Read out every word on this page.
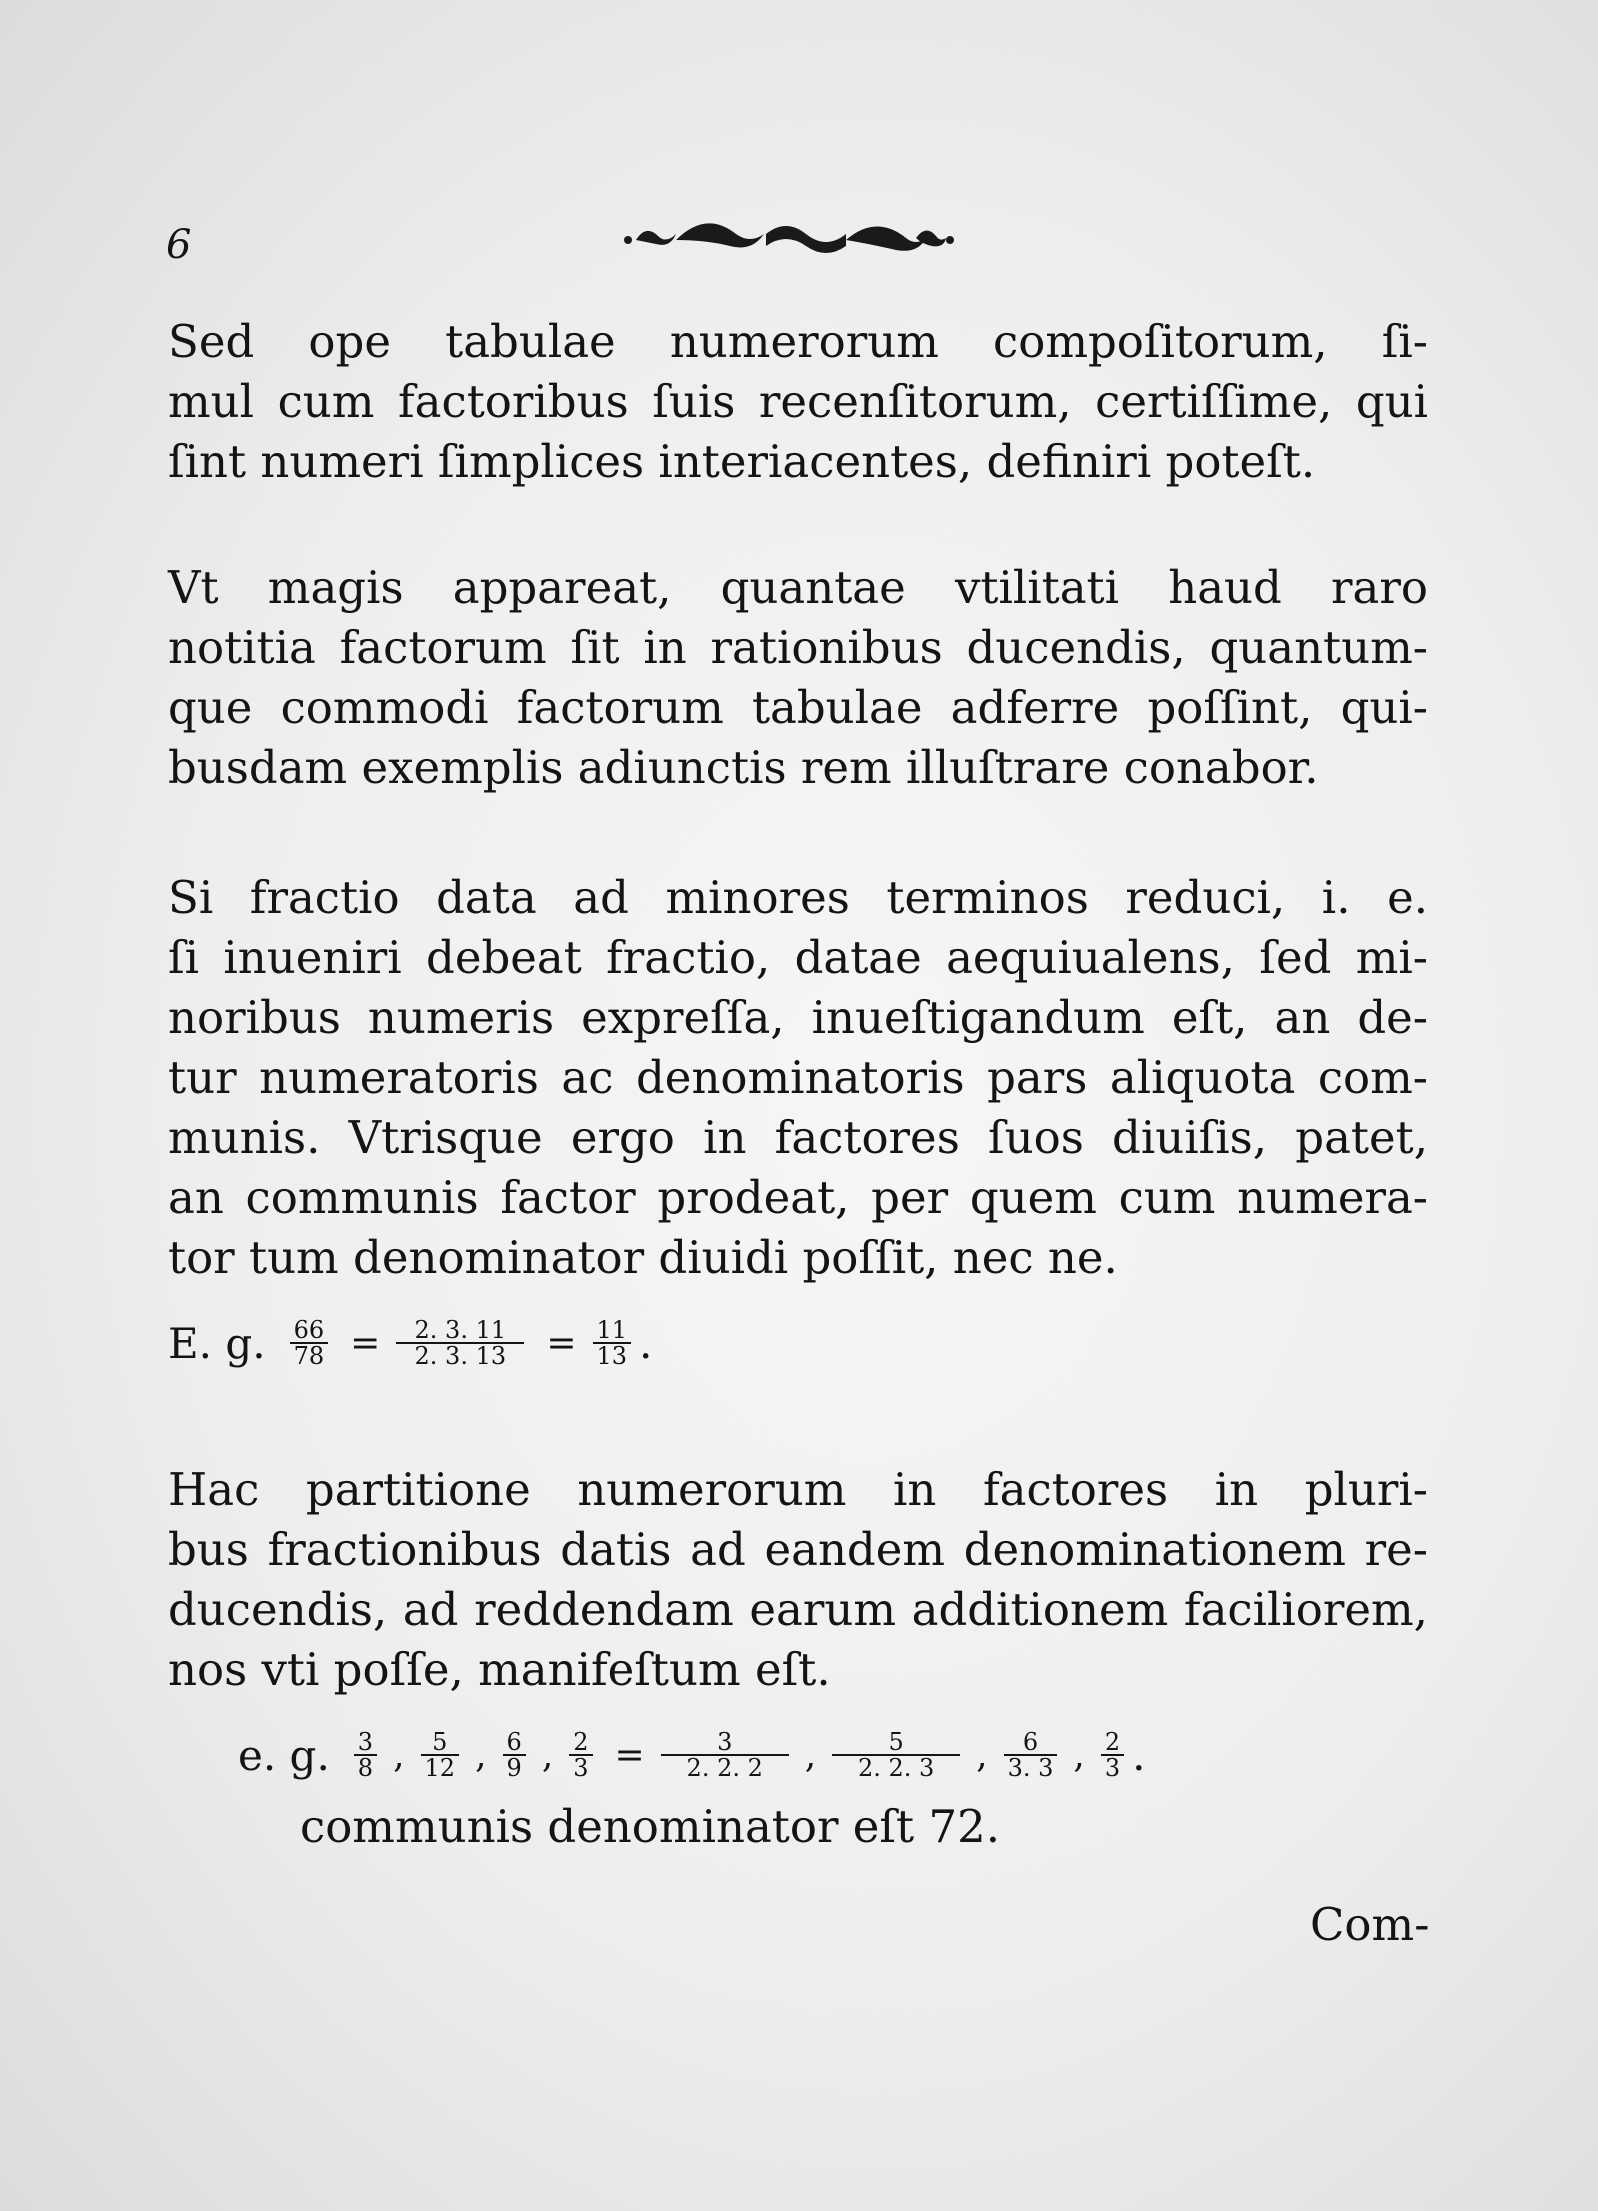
6

Sed ope tabulae numerorum compoſitorum, ſi-
mul cum factoribus ſuis recenſitorum, certiſſime, qui
ſint numeri ſimplices interiacentes, definiri poteſt.

Vt magis appareat, quantae vtilitati haud raro
notitia factorum ſit in rationibus ducendis, quantum-
que commodi factorum tabulae adferre poſſint, qui-
busdam exemplis adiunctis rem illuſtrare conabor.

Si fractio data ad minores terminos reduci, i. e.
ſi inueniri debeat fractio, datae aequiualens, ſed mi-
noribus numeris expreſſa, inueſtigandum eſt, an de-
tur numeratoris ac denominatoris pars aliquota com-
munis. Vtrisque ergo in factores ſuos diuiſis, patet,
an communis factor prodeat, per quem cum numera-
tor tum denominator diuidi poſſit, nec ne.

E. g. $\frac{66}{78} = \frac{2. 3. 11}{2. 3. 13} = \frac{11}{13}$ .

Hac partitione numerorum in factores in pluri-
bus fractionibus datis ad eandem denominationem re-
ducendis, ad reddendam earum additionem faciliorem,
nos vti poſſe, manifeſtum eſt.

e. g. $\frac{3}{8}$ , $\frac{5}{12}$ , $\frac{6}{9}$ , $\frac{2}{3} = \frac{3}{2. 2. 2}$ , $\frac{5}{2. 2. 3}$ , $\frac{6}{3. 3}$ , $\frac{2}{3}$ .
communis denominator eſt 72.
Com-
